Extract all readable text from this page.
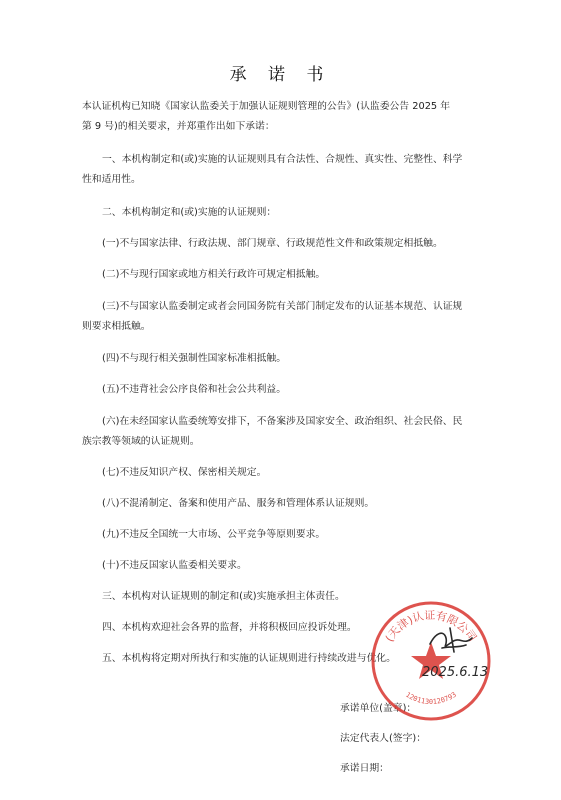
承 诺 书

本认证机构已知晓《国家认监委关于加强认证规则管理的公告》(认监委公告 2025 年

第 9 号)的相关要求，并郑重作出如下承诺：

一、本机构制定和(或)实施的认证规则具有合法性、合规性、真实性、完整性、科学

性和适用性。

二、本机构制定和(或)实施的认证规则：

(一)不与国家法律、行政法规、部门规章、行政规范性文件和政策规定相抵触。

(二)不与现行国家或地方相关行政许可规定相抵触。

(三)不与国家认监委制定或者会同国务院有关部门制定发布的认证基本规范、认证规

则要求相抵触。

(四)不与现行相关强制性国家标准相抵触。

(五)不违背社会公序良俗和社会公共利益。

(六)在未经国家认监委统筹安排下，不备案涉及国家安全、政治组织、社会民俗、民

族宗教等领域的认证规则。

(七)不违反知识产权、保密相关规定。

(八)不混淆制定、备案和使用产品、服务和管理体系认证规则。

(九)不违反全国统一大市场、公平竞争等原则要求。

(十)不违反国家认监委相关要求。

三、本机构对认证规则的制定和(或)实施承担主体责任。

四、本机构欢迎社会各界的监督，并将积极回应投诉处理。

五、本机构将定期对所执行和实施的认证规则进行持续改进与优化。

承诺单位(盖章)：
法定代表人(签字)：
承诺日期：
(天津)认证有限公司
1201130120793
2025.6.13
